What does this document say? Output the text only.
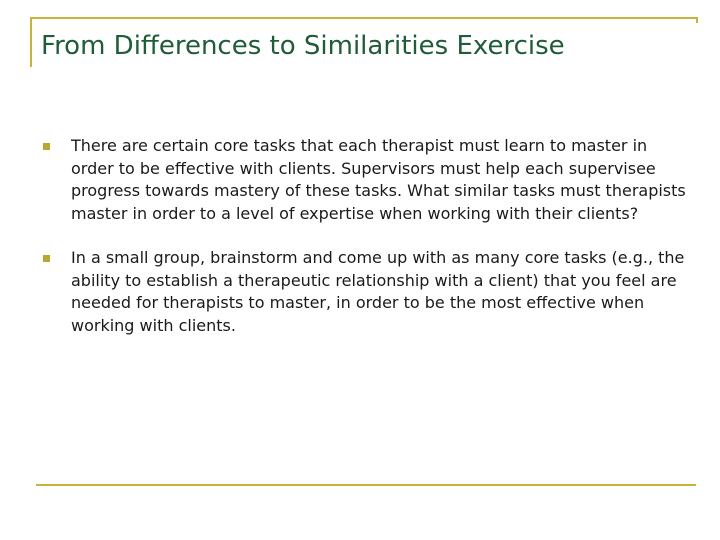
From Differences to Similarities Exercise
There are certain core tasks that each therapist must learn to master in order to be effective with clients. Supervisors must help each supervisee progress towards mastery of these tasks. What similar tasks must therapists master in order to a level of expertise when working with their clients?
In a small group, brainstorm and come up with as many core tasks (e.g., the ability to establish a therapeutic relationship with a client) that you feel are needed for therapists to master, in order to be the most effective when working with clients.
